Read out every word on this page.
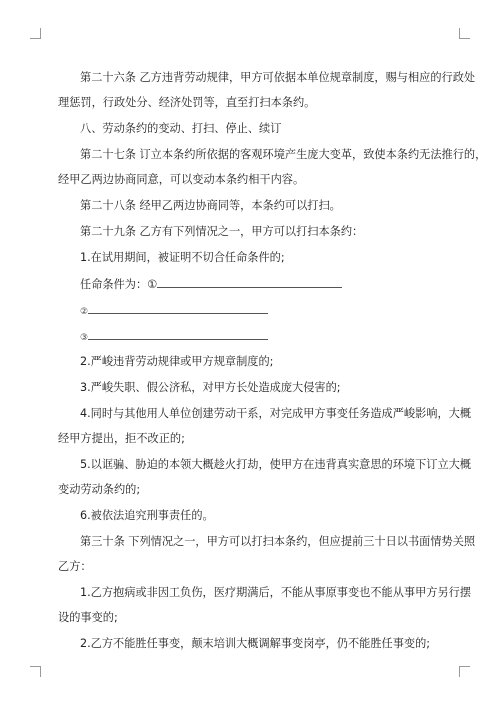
第二十六条 乙方违背劳动规律，甲方可依据本单位规章制度，赐与相应的行政处
理惩罚，行政处分、经济处罚等，直至打扫本条约。
八、劳动条约的变动、打扫、停止、续订
第二十七条 订立本条约所依据的客观环境产生庞大变革，致使本条约无法推行的，
经甲乙两边协商同意，可以变动本条约相干内容。
第二十八条 经甲乙两边协商同等，本条约可以打扫。
第二十九条 乙方有下列情况之一，甲方可以打扫本条约：
1.在试用期间，被证明不切合任命条件的;
任命条件为：①
②
③
2.严峻违背劳动规律或甲方规章制度的;
3.严峻失职、假公济私，对甲方长处造成庞大侵害的;
4.同时与其他用人单位创建劳动干系，对完成甲方事变任务造成严峻影响，大概
经甲方提出，拒不改正的;
5.以诓骗、胁迫的本领大概趁火打劫，使甲方在违背真实意思的环境下订立大概
变动劳动条约的;
6.被依法追究刑事责任的。
第三十条 下列情况之一，甲方可以打扫本条约，但应提前三十日以书面情势关照
乙方：
1.乙方抱病或非因工负伤，医疗期满后，不能从事原事变也不能从事甲方另行摆
设的事变的;
2.乙方不能胜任事变，颠末培训大概调解事变岗亭，仍不能胜任事变的;
